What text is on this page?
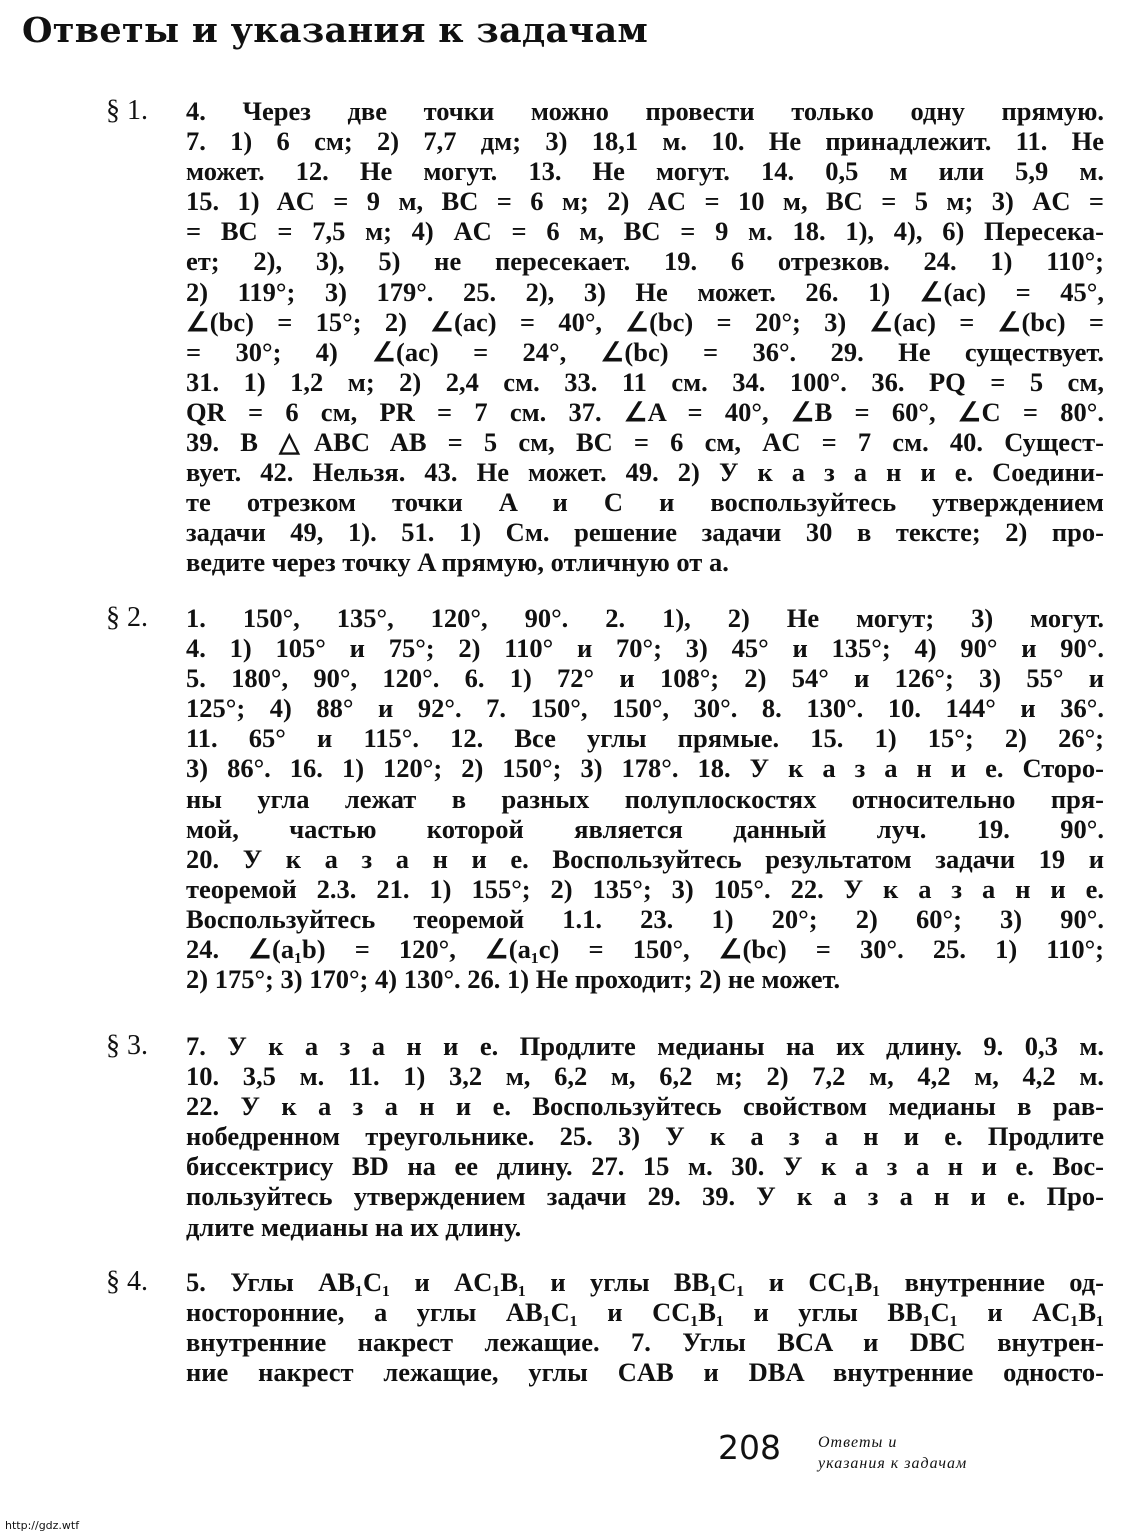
Ответы и указания к задачам
§ 1. 4. Через две точки можно провести только одну прямую.
7. 1) 6 см; 2) 7,7 дм; 3) 18,1 м. 10. Не принадлежит. 11. Не
может. 12. Не могут. 13. Не могут. 14. 0,5 м или 5,9 м.
15. 1) AC = 9 м, BC = 6 м; 2) AC = 10 м, BC = 5 м; 3) AC =
= BC = 7,5 м; 4) AC = 6 м, BC = 9 м. 18. 1), 4), 6) Пересека-
ет; 2), 3), 5) не пересекает. 19. 6 отрезков. 24. 1) 110°;
2) 119°; 3) 179°. 25. 2), 3) Не может. 26. 1) ∠(ac) = 45°,
∠(bc) = 15°; 2) ∠(ac) = 40°, ∠(bc) = 20°; 3) ∠(ac) = ∠(bc) =
= 30°; 4) ∠(ac) = 24°, ∠(bc) = 36°. 29. Не существует.
31. 1) 1,2 м; 2) 2,4 см. 33. 11 см. 34. 100°. 36. PQ = 5 см,
QR = 6 см, PR = 7 см. 37. ∠A = 40°, ∠B = 60°, ∠C = 80°.
39. В △ABC AB = 5 см, BC = 6 см, AC = 7 см. 40. Сущест-
вует. 42. Нельзя. 43. Не может. 49. 2) У к а з а н и е. Соедини-
те отрезком точки A и C и воспользуйтесь утверждением
задачи 49, 1). 51. 1) См. решение задачи 30 в тексте; 2) про-
ведите через точку A прямую, отличную от a.
§ 2. 1. 150°, 135°, 120°, 90°. 2. 1), 2) Не могут; 3) могут.
4. 1) 105° и 75°; 2) 110° и 70°; 3) 45° и 135°; 4) 90° и 90°.
5. 180°, 90°, 120°. 6. 1) 72° и 108°; 2) 54° и 126°; 3) 55° и
125°; 4) 88° и 92°. 7. 150°, 150°, 30°. 8. 130°. 10. 144° и 36°.
11. 65° и 115°. 12. Все углы прямые. 15. 1) 15°; 2) 26°;
3) 86°. 16. 1) 120°; 2) 150°; 3) 178°. 18. У к а з а н и е. Сторо-
ны угла лежат в разных полуплоскостях относительно пря-
мой, частью которой является данный луч. 19. 90°.
20. У к а з а н и е. Воспользуйтесь результатом задачи 19 и
теоремой 2.3. 21. 1) 155°; 2) 135°; 3) 105°. 22. У к а з а н и е.
Воспользуйтесь теоремой 1.1. 23. 1) 20°; 2) 60°; 3) 90°.
24. ∠(a₁b) = 120°, ∠(a₁c) = 150°, ∠(bc) = 30°. 25. 1) 110°;
2) 175°; 3) 170°; 4) 130°. 26. 1) Не проходит; 2) не может.
§ 3. 7. У к а з а н и е. Продлите медианы на их длину. 9. 0,3 м.
10. 3,5 м. 11. 1) 3,2 м, 6,2 м, 6,2 м; 2) 7,2 м, 4,2 м, 4,2 м.
22. У к а з а н и е. Воспользуйтесь свойством медианы в рав-
нобедренном треугольнике. 25. 3) У к а з а н и е. Продлите
биссектрису BD на ее длину. 27. 15 м. 30. У к а з а н и е. Вос-
пользуйтесь утверждением задачи 29. 39. У к а з а н и е. Про-
длите медианы на их длину.
§ 4. 5. Углы AB₁C₁ и AC₁B₁ и углы BB₁C₁ и CC₁B₁ внутренние од-
носторонние, а углы AB₁C₁ и CC₁B₁ и углы BB₁C₁ и AC₁B₁
внутренние накрест лежащие. 7. Углы BCA и DBC внутрен-
ние накрест лежащие, углы CAB и DBA внутренние односто-
208 Ответы и
указания к задачам
http://gdz.wtf
